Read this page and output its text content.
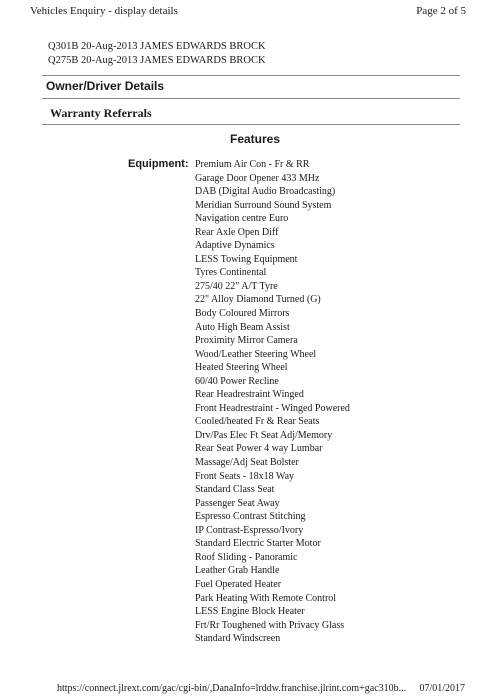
Vehicles Enquiry - display details	Page 2 of 5
Q301B 20-Aug-2013 JAMES EDWARDS BROCK
Q275B 20-Aug-2013 JAMES EDWARDS BROCK
Owner/Driver Details
Warranty Referrals
Features
Equipment: Premium Air Con - Fr & RR
Garage Door Opener 433 MHz
DAB (Digital Audio Broadcasting)
Meridian Surround Sound System
Navigation centre Euro
Rear Axle Open Diff
Adaptive Dynamics
LESS Towing Equipment
Tyres Continental
275/40 22" A/T Tyre
22" Alloy Diamond Turned (G)
Body Coloured Mirrors
Auto High Beam Assist
Proximity Mirror Camera
Wood/Leather Steering Wheel
Heated Steering Wheel
60/40 Power Recline
Rear Headrestraint Winged
Front Headrestraint - Winged Powered
Cooled/heated Fr & Rear Seats
Drv/Pas Elec Ft Seat Adj/Memory
Rear Seat Power 4 way Lumbar
Massage/Adj Seat Bolster
Front Seats - 18x18 Way
Standard Class Seat
Passenger Seat Away
Espresso Contrast Stitching
IP Contrast-Espresso/Ivory
Standard Electric Starter Motor
Roof Sliding - Panoramic
Leather Grab Handle
Fuel Operated Heater
Park Heating With Remote Control
LESS Engine Block Heater
Frt/Rr Toughened with Privacy Glass
Standard Windscreen
https://connect.jlrext.com/gac/cgi-bin/,DanaInfo=lrddw.franchise.jlrint.com+gac310b... 07/01/2017
